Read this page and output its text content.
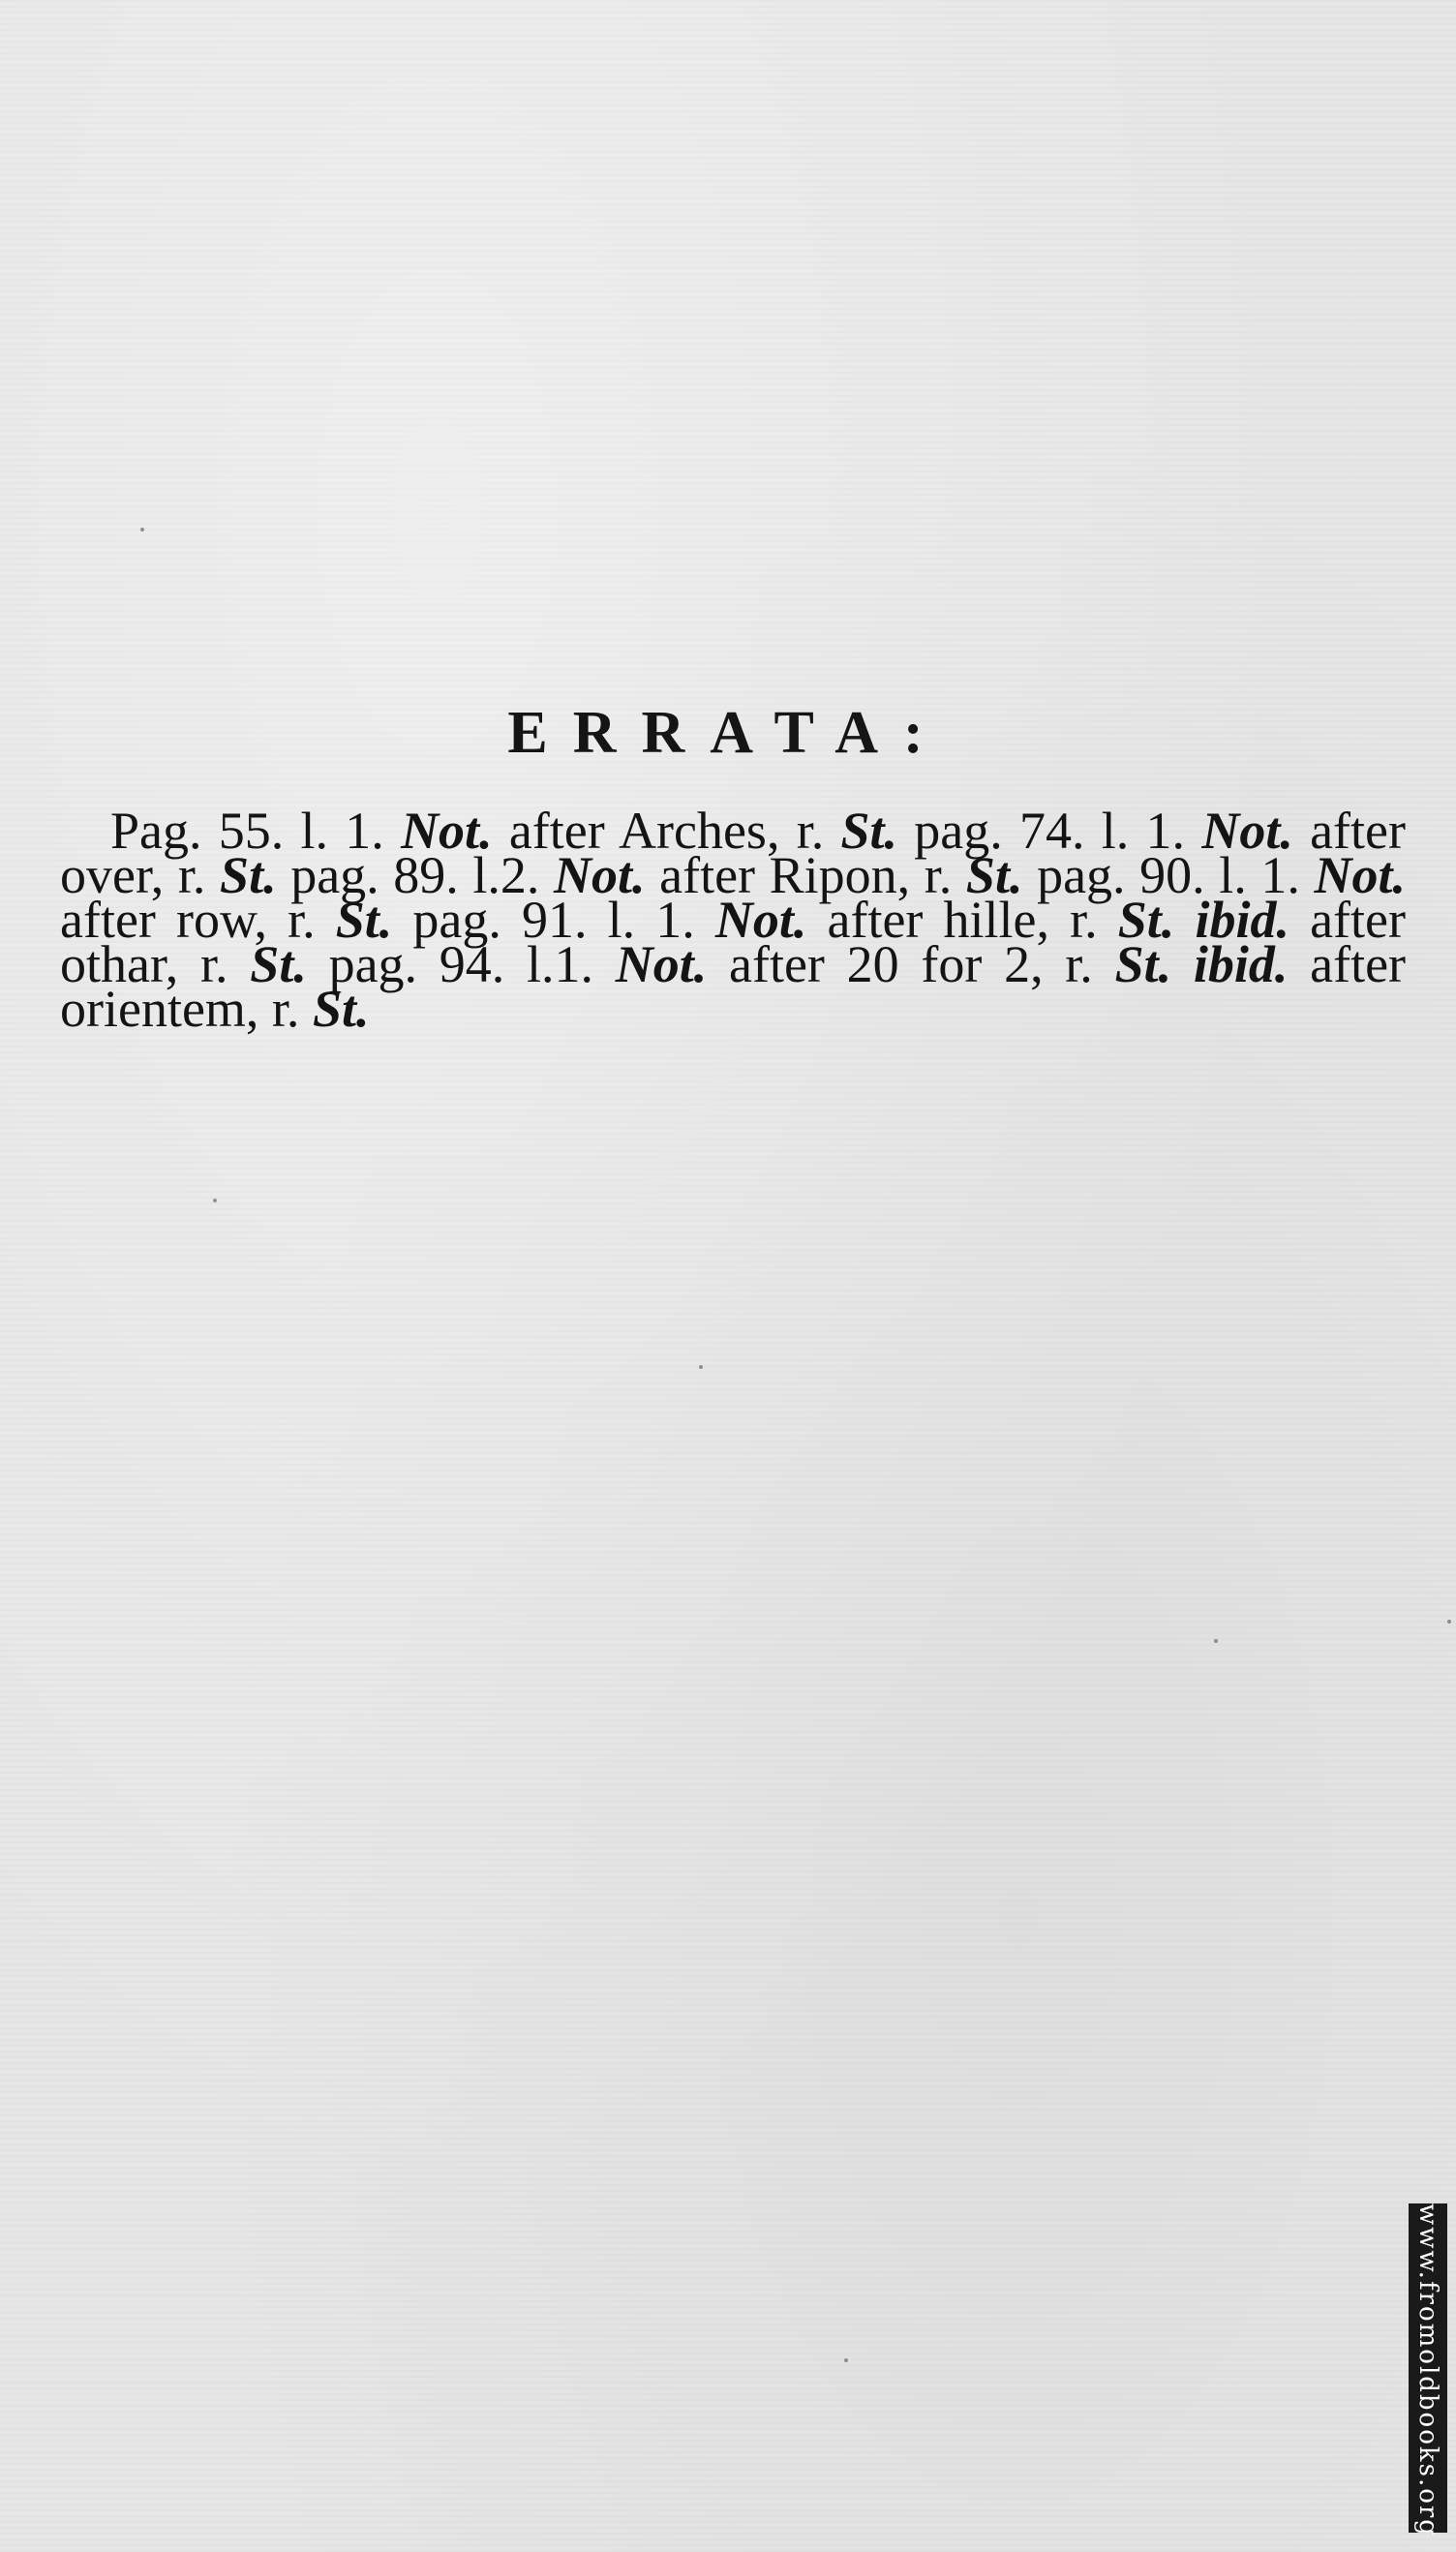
ERRATA:

Pag. 55. l. 1. Not. after Arches, r. St. pag. 74. l. 1. Not. after over, r. St. pag. 89. l.2. Not. after Ripon, r. St. pag. 90. l. 1. Not. after row, r. St. pag. 91. l. 1. Not. after hille, r. St. ibid. after othar, r. St. pag. 94. l.1. Not. after 20 for 2, r. St. ibid. after orientem, r. St.

www.fromoldbooks.org
